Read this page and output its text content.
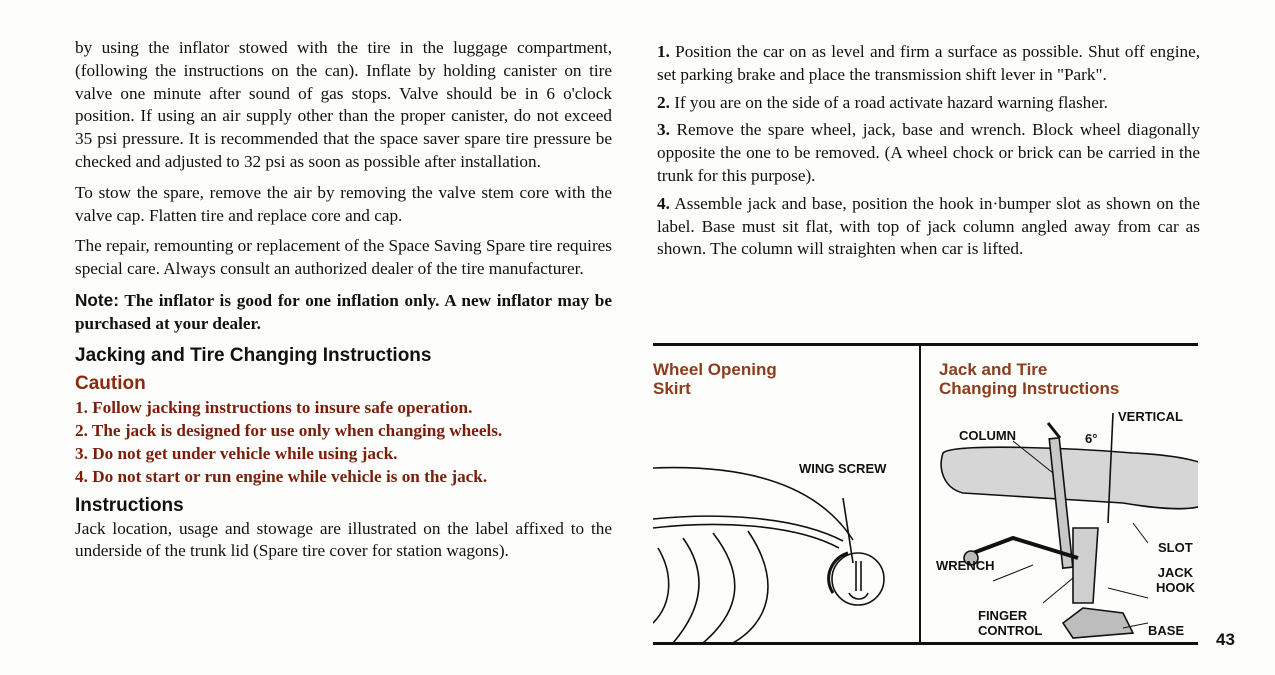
by using the inflator stowed with the tire in the luggage compartment, (following the instructions on the can). Inflate by holding canister on tire valve one minute after sound of gas stops. Valve should be in 6 o'clock position. If using an air supply other than the proper canister, do not exceed 35 psi pressure. It is recommended that the space saver spare tire pressure be checked and adjusted to 32 psi as soon as possible after installation.

To stow the spare, remove the air by removing the valve stem core with the valve cap. Flatten tire and replace core and cap.

The repair, remounting or replacement of the Space Saving Spare tire requires special care. Always consult an authorized dealer of the tire manufacturer.

Note: The inflator is good for one inflation only. A new inflator may be purchased at your dealer.

Jacking and Tire Changing Instructions
Caution
1. Follow jacking instructions to insure safe operation.
2. The jack is designed for use only when changing wheels.
3. Do not get under vehicle while using jack.
4. Do not start or run engine while vehicle is on the jack.
Instructions

Jack location, usage and stowage are illustrated on the label affixed to the underside of the trunk lid (Spare tire cover for station wagons).

1. Position the car on as level and firm a surface as possible. Shut off engine, set parking brake and place the transmission shift lever in "Park".

2. If you are on the side of a road activate hazard warning flasher.

3. Remove the spare wheel, jack, base and wrench. Block wheel diagonally opposite the one to be removed. (A wheel chock or brick can be carried in the trunk for this purpose).

4. Assemble jack and base, position the hook in·bumper slot as shown on the label. Base must sit flat, with top of jack column angled away from car as shown. The column will straighten when car is lifted.

Wheel Opening
Skirt
WING SCREW
Jack and Tire
Changing Instructions
VERTICAL
COLUMN	6°
SLOT
WRENCH	JACK
HOOK
FINGER
CONTROL	BASE 43
